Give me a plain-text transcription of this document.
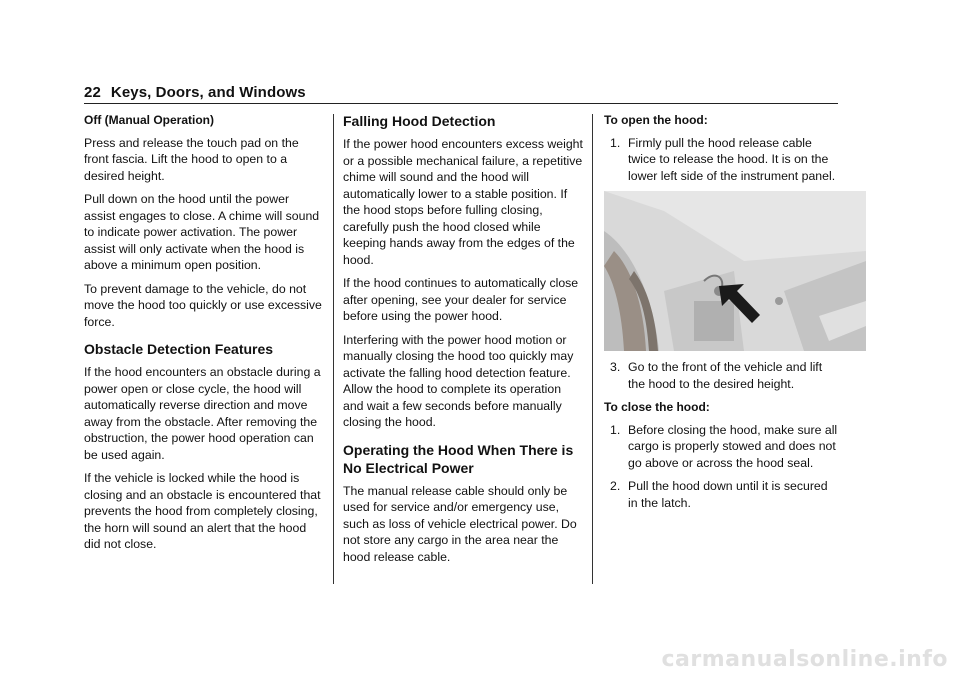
22 Keys, Doors, and Windows
Off (Manual Operation)

Press and release the touch pad on the front fascia. Lift the hood to open to a desired height.

Pull down on the hood until the power assist engages to close. A chime will sound to indicate power activation. The power assist will only activate when the hood is above a minimum open position.

To prevent damage to the vehicle, do not move the hood too quickly or use excessive force.

Obstacle Detection Features

If the hood encounters an obstacle during a power open or close cycle, the hood will automatically reverse direction and move away from the obstacle. After removing the obstruction, the power hood operation can be used again.

If the vehicle is locked while the hood is closing and an obstacle is encountered that prevents the hood from completely closing, the horn will sound an alert that the hood did not close.

Falling Hood Detection

If the power hood encounters excess weight or a possible mechanical failure, a repetitive chime will sound and the hood will automatically lower to a stable position. If the hood stops before fulling closing, carefully push the hood closed while keeping hands away from the edges of the hood.

If the hood continues to automatically close after opening, see your dealer for service before using the power hood.

Interfering with the power hood motion or manually closing the hood too quickly may activate the falling hood detection feature. Allow the hood to complete its operation and wait a few seconds before manually closing the hood.

Operating the Hood When There is No Electrical Power

The manual release cable should only be used for service and/or emergency use, such as loss of vehicle electrical power. Do not store any cargo in the area near the hood release cable.

To open the hood:
1. Firmly pull the hood release cable twice to release the hood. It is on the lower left side of the instrument panel.
3. Go to the front of the vehicle and lift the hood to the desired height.
To close the hood:
1. Before closing the hood, make sure all cargo is properly stowed and does not go above or across the hood seal.
2. Pull the hood down until it is secured in the latch.
carmanualsonline.info
